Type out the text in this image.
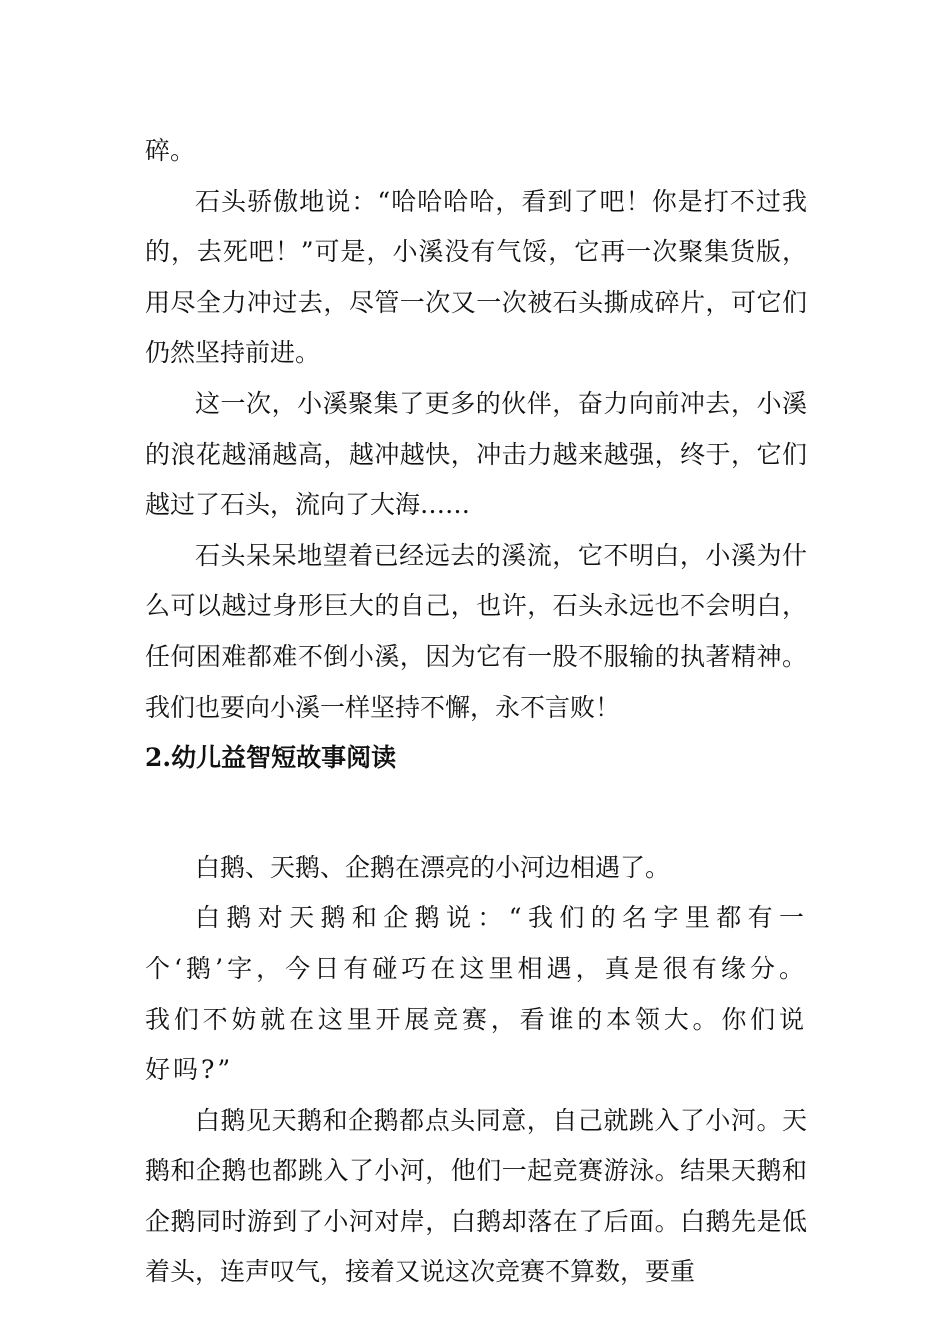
碎。

石头骄傲地说：“哈哈哈哈，看到了吧！你是打不过我的，去死吧！”可是，小溪没有气馁，它再一次聚集货版，用尽全力冲过去，尽管一次又一次被石头撕成碎片，可它们仍然坚持前进。

这一次，小溪聚集了更多的伙伴，奋力向前冲去，小溪的浪花越涌越高，越冲越快，冲击力越来越强，终于，它们越过了石头，流向了大海……

石头呆呆地望着已经远去的溪流，它不明白，小溪为什么可以越过身形巨大的自己，也许，石头永远也不会明白，任何困难都难不倒小溪，因为它有一股不服输的执著精神。我们也要向小溪一样坚持不懈，永不言败！

2.幼儿益智短故事阅读

白鹅、天鹅、企鹅在漂亮的小河边相遇了。

白鹅对天鹅和企鹅说：“我们的名字里都有一个‘鹅’字，今日有碰巧在这里相遇，真是很有缘分。我们不妨就在这里开展竞赛，看谁的本领大。你们说好吗?”

白鹅见天鹅和企鹅都点头同意，自己就跳入了小河。天鹅和企鹅也都跳入了小河，他们一起竞赛游泳。结果天鹅和企鹅同时游到了小河对岸，白鹅却落在了后面。白鹅先是低着头，连声叹气，接着又说这次竞赛不算数，要重
